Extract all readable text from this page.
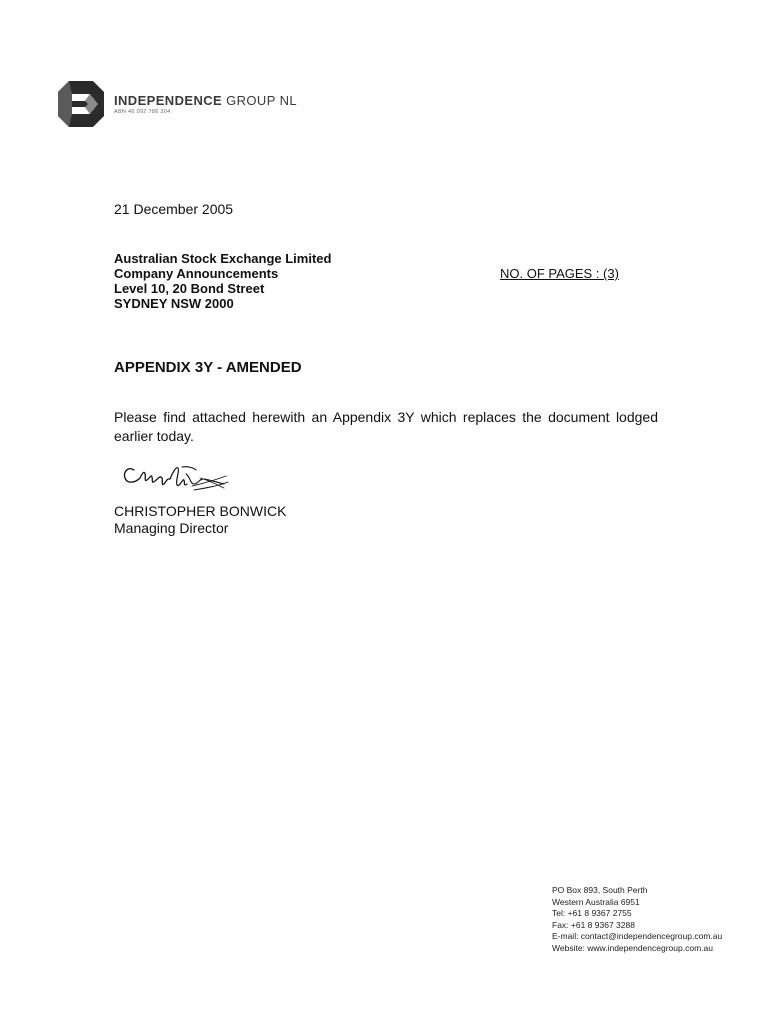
INDEPENDENCE GROUP NL
ABN 46 092 786 304
21 December 2005
Australian Stock Exchange Limited
Company Announcements
Level 10, 20 Bond Street
SYDNEY NSW 2000
NO. OF PAGES : (3)
APPENDIX 3Y - AMENDED
Please find attached herewith an Appendix 3Y which replaces the document lodged earlier today.
CHRISTOPHER BONWICK
Managing Director
PO Box 893, South Perth
Western Australia 6951
Tel: +61 8 9367 2755
Fax: +61 8 9367 3288
E-mail: contact@independencegroup.com.au
Website: www.independencegroup.com.au
